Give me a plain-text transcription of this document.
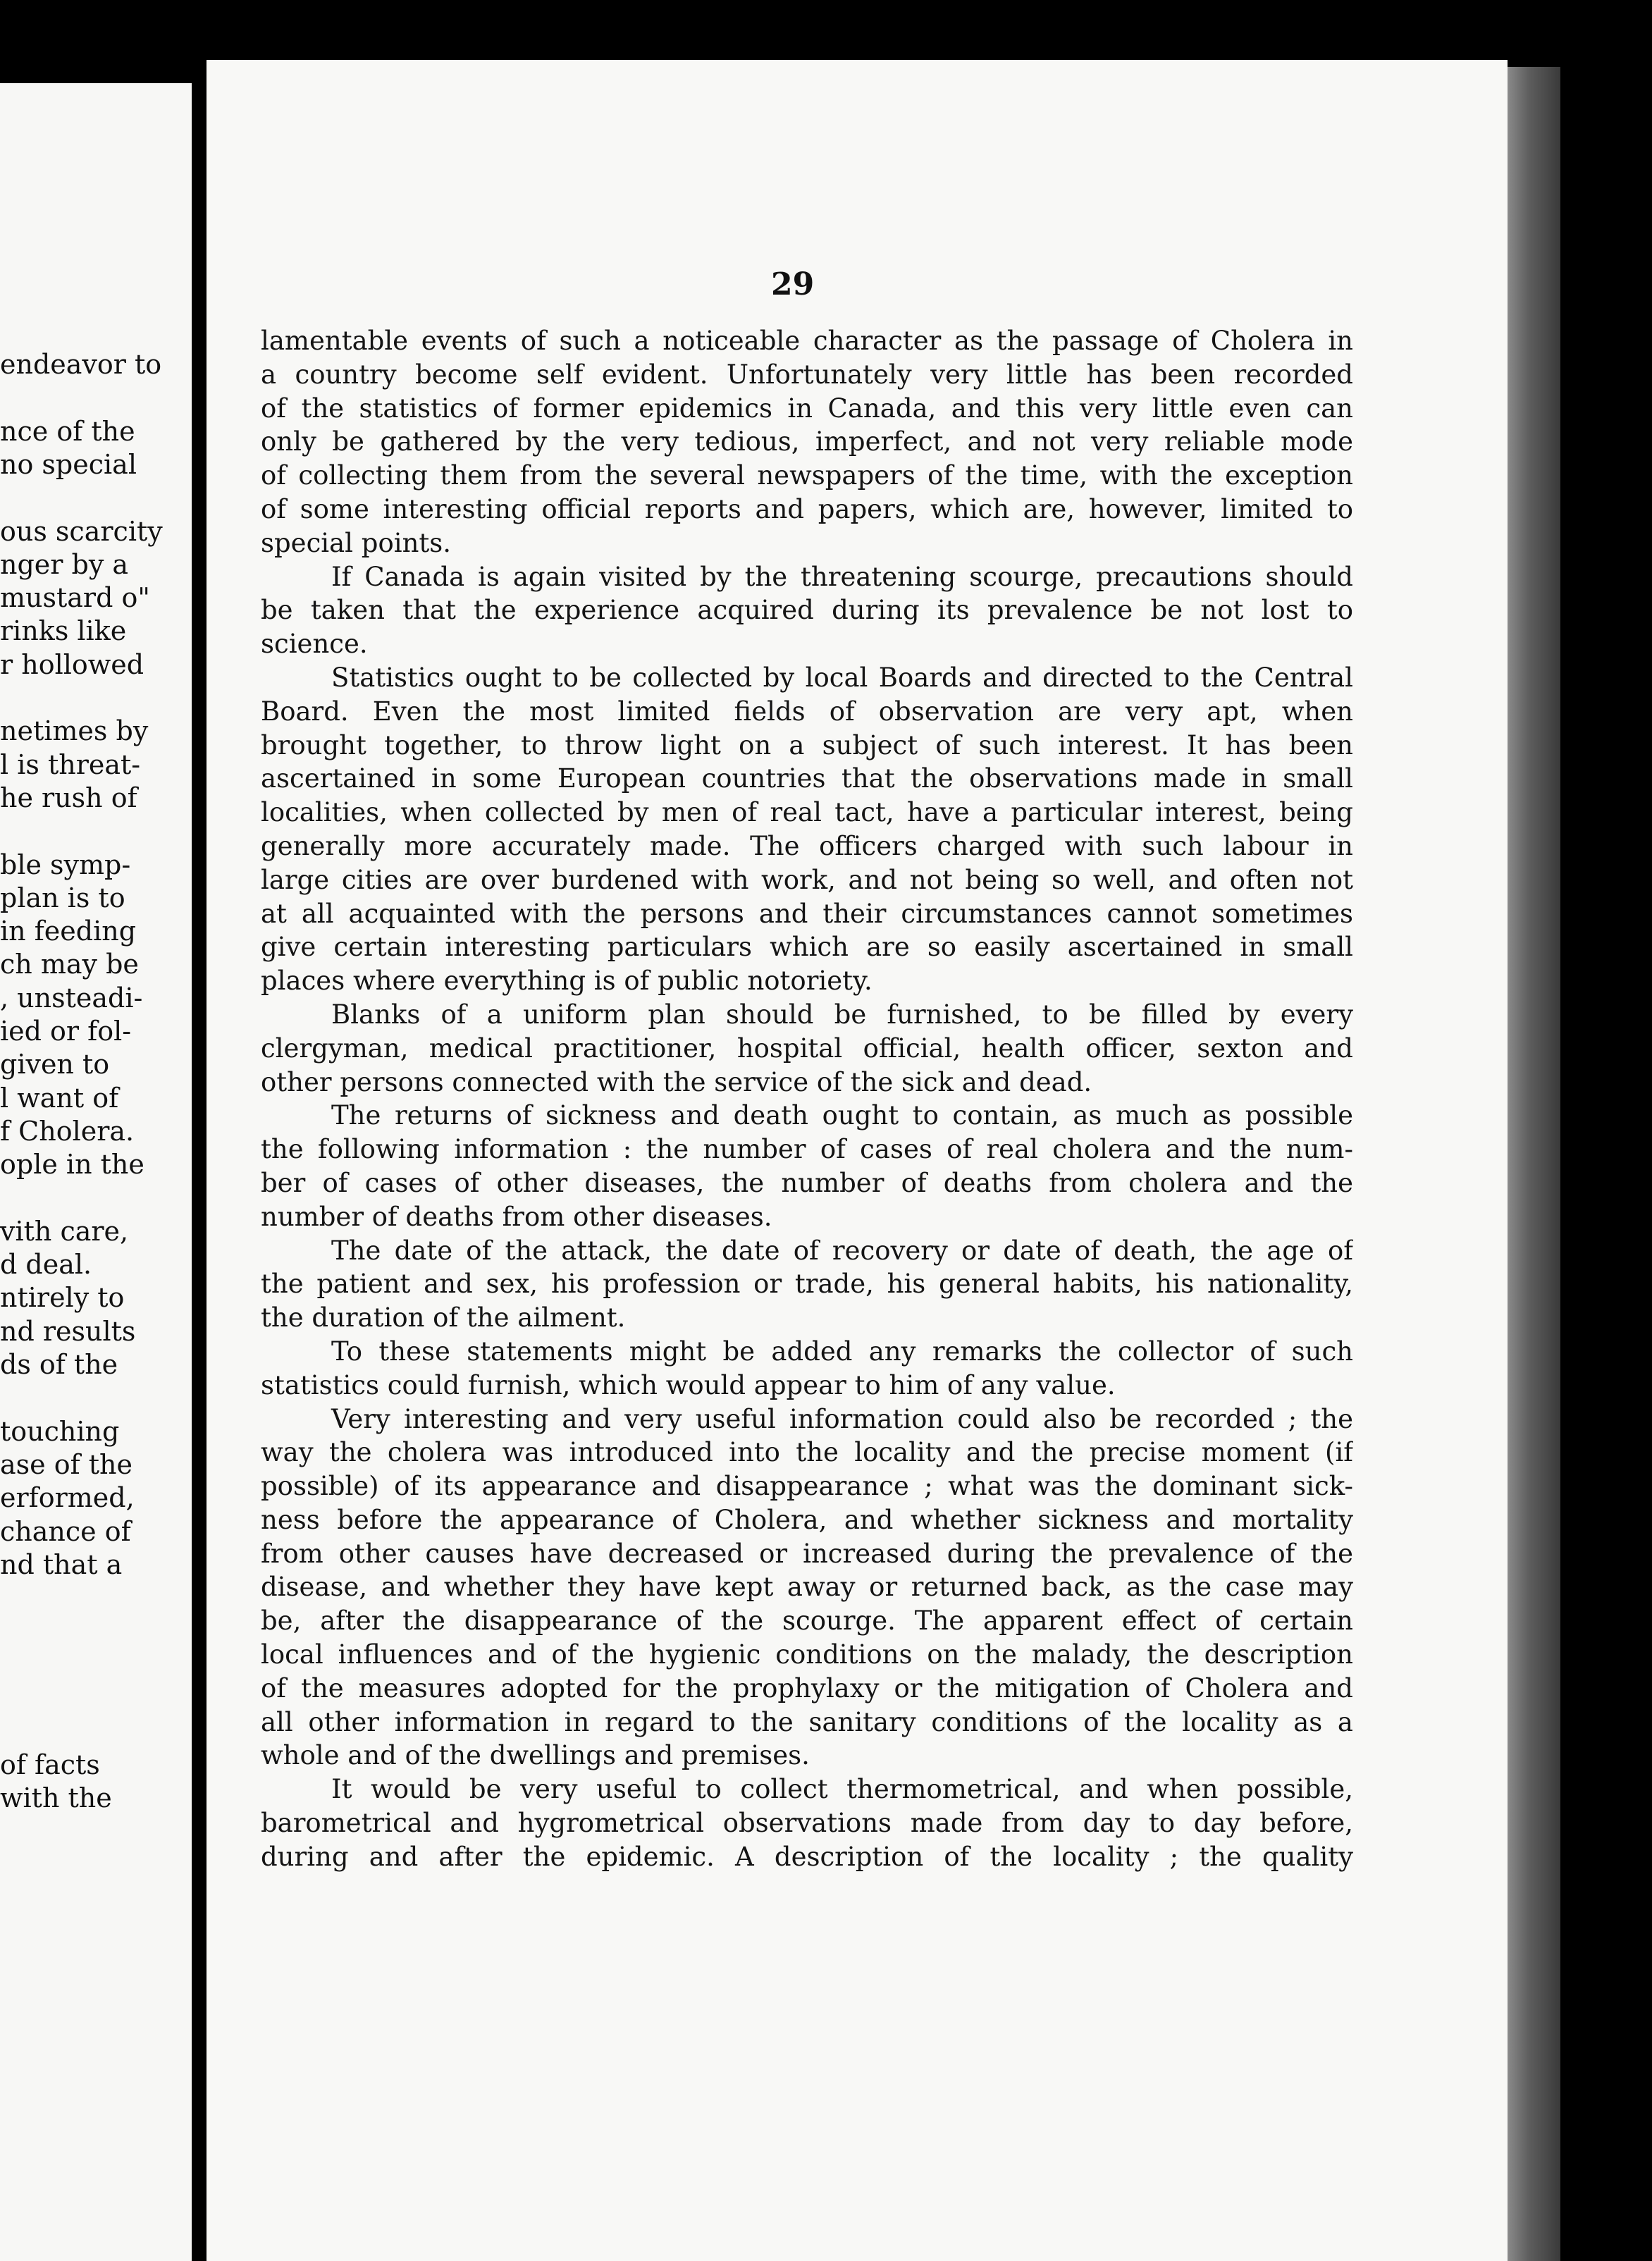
endeavor to
nce of the
no special
ous scarcity
nger by a
mustard o"
rinks like
r hollowed
netimes by
l is threat-
he rush of
ble symp-
plan is to
in feeding
ch may be
, unsteadi-
ied or fol-
given to
l want of
f Cholera.
ople in the
vith care,
d deal.
ntirely to
nd results
ds of the
touching
ase of the
erformed,
chance of
nd that a
of facts
with the
29
lamentable events of such a noticeable character as the passage of Cholera in
a country become self evident. Unfortunately very little has been recorded
of the statistics of former epidemics in Canada, and this very little even can
only be gathered by the very tedious, imperfect, and not very reliable mode
of collecting them from the several newspapers of the time, with the exception
of some interesting official reports and papers, which are, however, limited to
special points.
If Canada is again visited by the threatening scourge, precautions should
be taken that the experience acquired during its prevalence be not lost to
science.
Statistics ought to be collected by local Boards and directed to the Central
Board. Even the most limited fields of observation are very apt, when
brought together, to throw light on a subject of such interest. It has been
ascertained in some European countries that the observations made in small
localities, when collected by men of real tact, have a particular interest, being
generally more accurately made. The officers charged with such labour in
large cities are over burdened with work, and not being so well, and often not
at all acquainted with the persons and their circumstances cannot sometimes
give certain interesting particulars which are so easily ascertained in small
places where everything is of public notoriety.
Blanks of a uniform plan should be furnished, to be filled by every
clergyman, medical practitioner, hospital official, health officer, sexton and
other persons connected with the service of the sick and dead.
The returns of sickness and death ought to contain, as much as possible
the following information : the number of cases of real cholera and the num-
ber of cases of other diseases, the number of deaths from cholera and the
number of deaths from other diseases.
The date of the attack, the date of recovery or date of death, the age of
the patient and sex, his profession or trade, his general habits, his nationality,
the duration of the ailment.
To these statements might be added any remarks the collector of such
statistics could furnish, which would appear to him of any value.
Very interesting and very useful information could also be recorded ; the
way the cholera was introduced into the locality and the precise moment (if
possible) of its appearance and disappearance ; what was the dominant sick-
ness before the appearance of Cholera, and whether sickness and mortality
from other causes have decreased or increased during the prevalence of the
disease, and whether they have kept away or returned back, as the case may
be, after the disappearance of the scourge. The apparent effect of certain
local influences and of the hygienic conditions on the malady, the description
of the measures adopted for the prophylaxy or the mitigation of Cholera and
all other information in regard to the sanitary conditions of the locality as a
whole and of the dwellings and premises.
It would be very useful to collect thermometrical, and when possible,
barometrical and hygrometrical observations made from day to day before,
during and after the epidemic. A description of the locality ; the quality
